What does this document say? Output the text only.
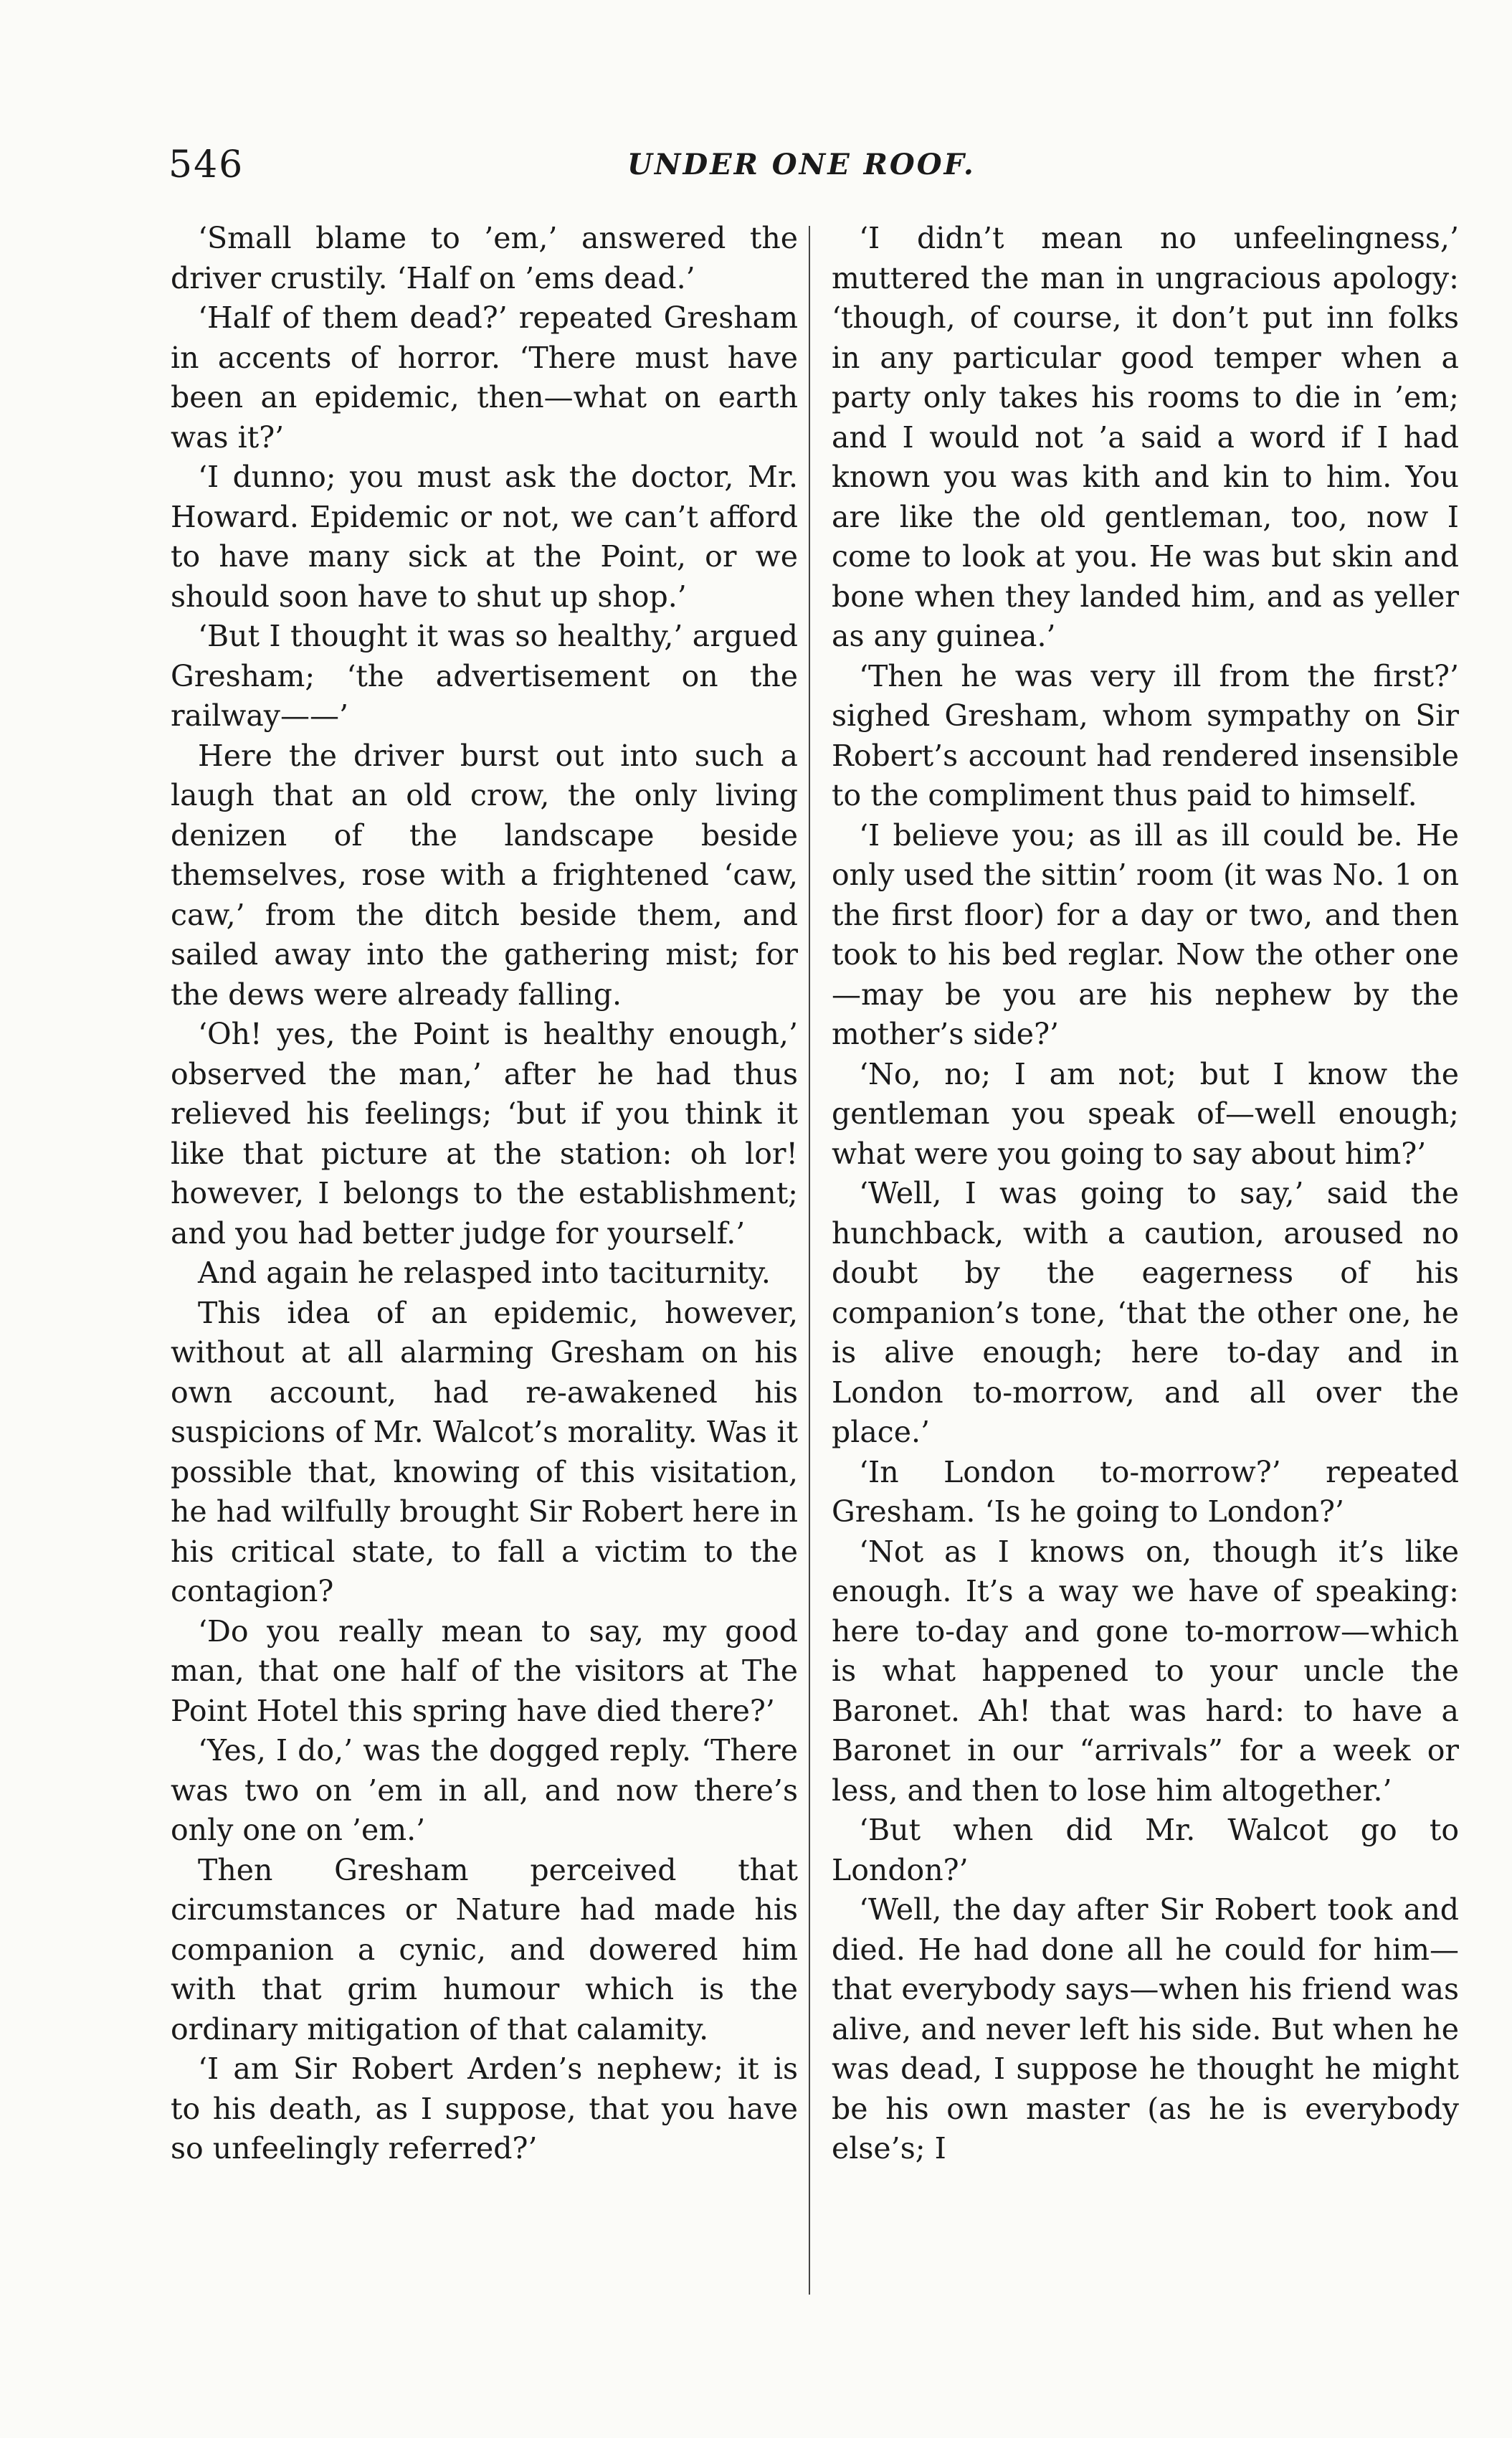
546	UNDER ONE ROOF.

‘Small blame to ’em,’ answered the driver crustily. ‘Half on ’ems dead.’

‘Half of them dead?’ repeated Gresham in accents of horror. ‘There must have been an epidemic, then—what on earth was it?’

‘I dunno; you must ask the doctor, Mr. Howard. Epidemic or not, we can’t afford to have many sick at the Point, or we should soon have to shut up shop.’

‘But I thought it was so healthy,’ argued Gresham; ‘the advertisement on the railway——’

Here the driver burst out into such a laugh that an old crow, the only living denizen of the landscape beside themselves, rose with a frightened ‘caw, caw,’ from the ditch beside them, and sailed away into the gathering mist; for the dews were already falling.

‘Oh! yes, the Point is healthy enough,’ observed the man,’ after he had thus relieved his feelings; ‘but if you think it like that picture at the station: oh lor! however, I belongs to the establishment; and you had better judge for yourself.’

And again he relasped into taciturnity.

This idea of an epidemic, however, without at all alarming Gresham on his own account, had re-awakened his suspicions of Mr. Walcot’s morality. Was it possible that, knowing of this visitation, he had wilfully brought Sir Robert here in his critical state, to fall a victim to the contagion?

‘Do you really mean to say, my good man, that one half of the visitors at The Point Hotel this spring have died there?’

‘Yes, I do,’ was the dogged reply. ‘There was two on ’em in all, and now there’s only one on ’em.’

Then Gresham perceived that circumstances or Nature had made his companion a cynic, and dowered him with that grim humour which is the ordinary mitigation of that calamity.

‘I am Sir Robert Arden’s nephew; it is to his death, as I suppose, that you have so unfeelingly referred?’

‘I didn’t mean no unfeelingness,’ muttered the man in ungracious apology: ‘though, of course, it don’t put inn folks in any particular good temper when a party only takes his rooms to die in ’em; and I would not ’a said a word if I had known you was kith and kin to him. You are like the old gentleman, too, now I come to look at you. He was but skin and bone when they landed him, and as yeller as any guinea.’

‘Then he was very ill from the first?’ sighed Gresham, whom sympathy on Sir Robert’s account had rendered insensible to the compliment thus paid to himself.

‘I believe you; as ill as ill could be. He only used the sittin’ room (it was No. 1 on the first floor) for a day or two, and then took to his bed reglar. Now the other one—may be you are his nephew by the mother’s side?’

‘No, no; I am not; but I know the gentleman you speak of—well enough; what were you going to say about him?’

‘Well, I was going to say,’ said the hunchback, with a caution, aroused no doubt by the eagerness of his companion’s tone, ‘that the other one, he is alive enough; here to-day and in London to-morrow, and all over the place.’

‘In London to-morrow?’ repeated Gresham. ‘Is he going to London?’

‘Not as I knows on, though it’s like enough. It’s a way we have of speaking: here to-day and gone to-morrow—which is what happened to your uncle the Baronet. Ah! that was hard: to have a Baronet in our “arrivals” for a week or less, and then to lose him altogether.’

‘But when did Mr. Walcot go to London?’

‘Well, the day after Sir Robert took and died. He had done all he could for him—that everybody says—when his friend was alive, and never left his side. But when he was dead, I suppose he thought he might be his own master (as he is everybody else’s; I
